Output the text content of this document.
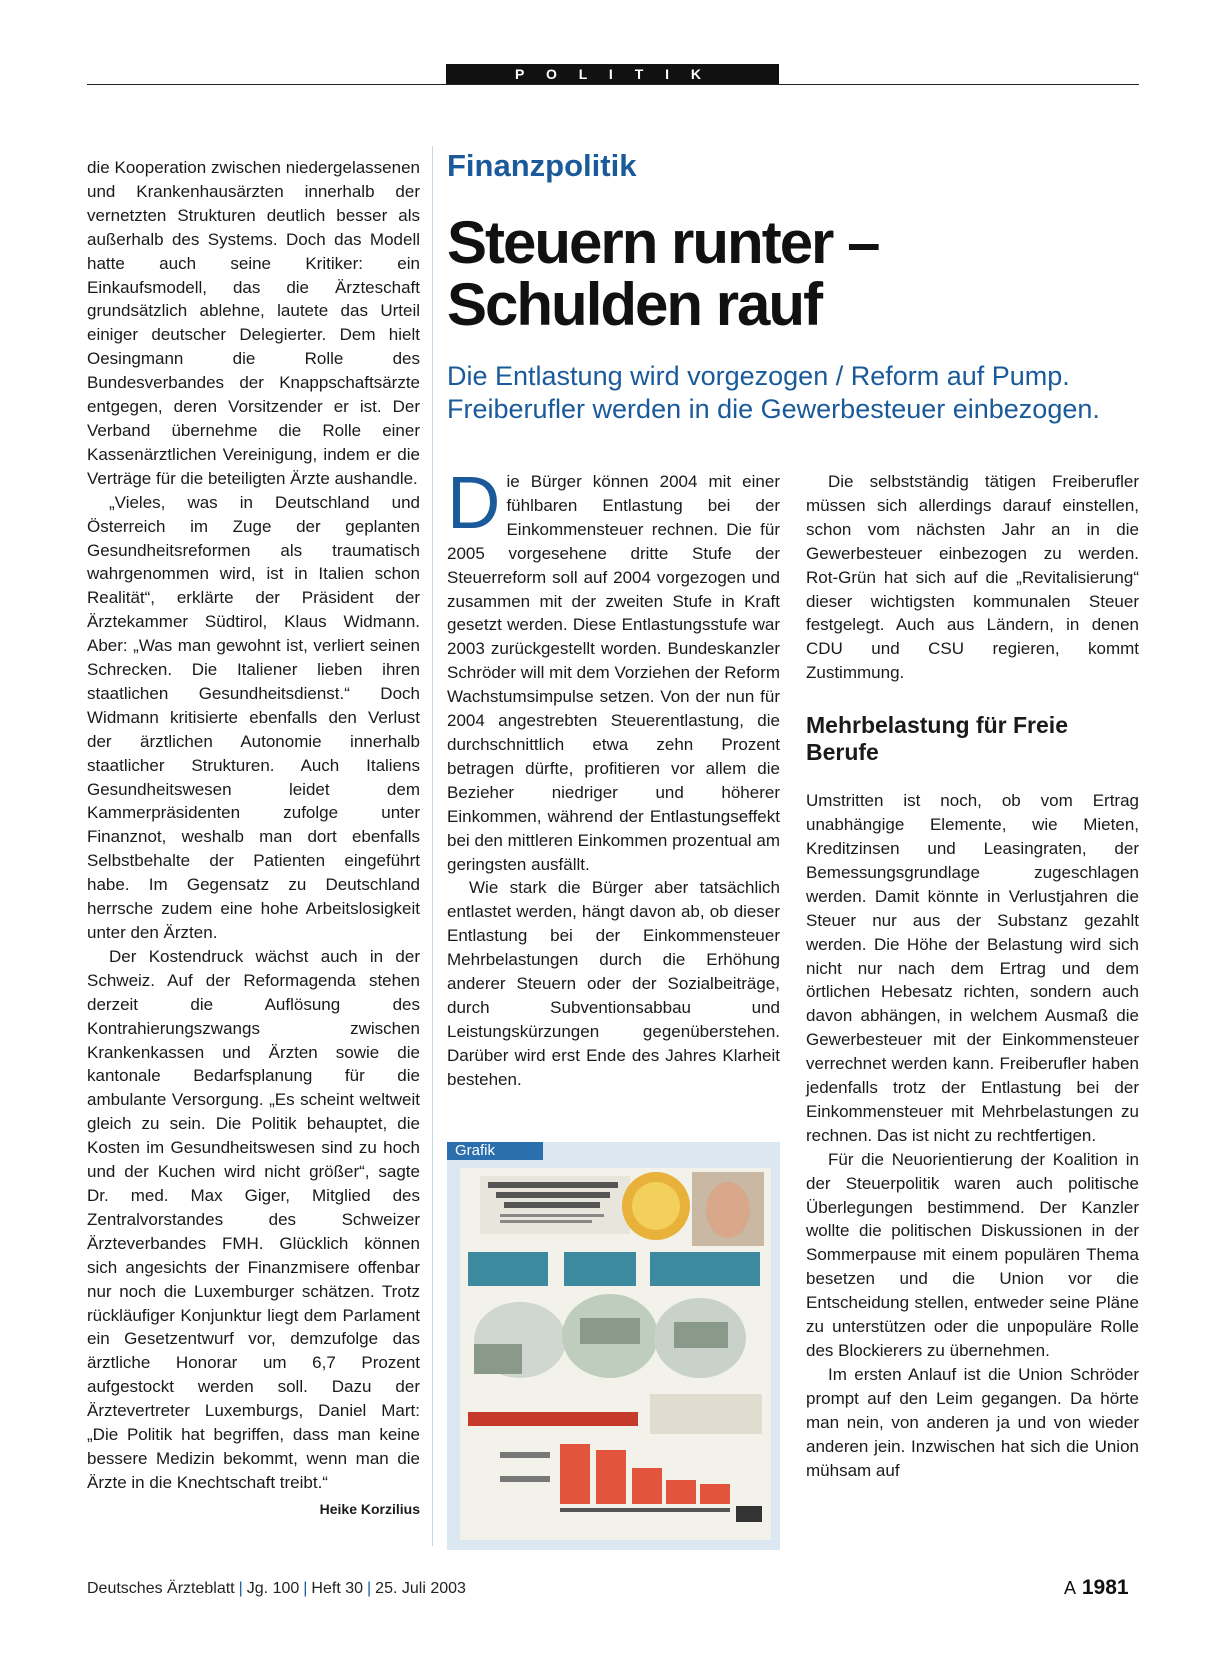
P O L I T I K

die Kooperation zwischen niedergelassenen und Krankenhausärzten innerhalb der vernetzten Strukturen deutlich besser als außerhalb des Systems. Doch das Modell hatte auch seine Kritiker: ein Einkaufsmodell, das die Ärzteschaft grundsätzlich ablehne, lautete das Urteil einiger deutscher Delegierter. Dem hielt Oesingmann die Rolle des Bundesverbandes der Knappschaftsärzte entgegen, deren Vorsitzender er ist. Der Verband übernehme die Rolle einer Kassenärztlichen Vereinigung, indem er die Verträge für die beteiligten Ärzte aushandle.

„Vieles, was in Deutschland und Österreich im Zuge der geplanten Gesundheitsreformen als traumatisch wahrgenommen wird, ist in Italien schon Realität“, erklärte der Präsident der Ärztekammer Südtirol, Klaus Widmann. Aber: „Was man gewohnt ist, verliert seinen Schrecken. Die Italiener lieben ihren staatlichen Gesundheitsdienst.“ Doch Widmann kritisierte ebenfalls den Verlust der ärztlichen Autonomie innerhalb staatlicher Strukturen. Auch Italiens Gesundheitswesen leidet dem Kammerpräsidenten zufolge unter Finanznot, weshalb man dort ebenfalls Selbstbehalte der Patienten eingeführt habe. Im Gegensatz zu Deutschland herrsche zudem eine hohe Arbeitslosigkeit unter den Ärzten.

Der Kostendruck wächst auch in der Schweiz. Auf der Reformagenda stehen derzeit die Auflösung des Kontrahierungszwangs zwischen Krankenkassen und Ärzten sowie die kantonale Bedarfsplanung für die ambulante Versorgung. „Es scheint weltweit gleich zu sein. Die Politik behauptet, die Kosten im Gesundheitswesen sind zu hoch und der Kuchen wird nicht größer“, sagte Dr. med. Max Giger, Mitglied des Zentralvorstandes des Schweizer Ärzteverbandes FMH. Glücklich können sich angesichts der Finanzmisere offenbar nur noch die Luxemburger schätzen. Trotz rückläufiger Konjunktur liegt dem Parlament ein Gesetzentwurf vor, demzufolge das ärztliche Honorar um 6,7 Prozent aufgestockt werden soll. Dazu der Ärztevertreter Luxemburgs, Daniel Mart: „Die Politik hat begriffen, dass man keine bessere Medizin bekommt, wenn man die Ärzte in die Knechtschaft treibt.“
Heike Korzilius

Finanzpolitik
Steuern runter –
Schulden rauf
Die Entlastung wird vorgezogen / Reform auf Pump.
Freiberufler werden in die Gewerbesteuer einbezogen.

Die Bürger können 2004 mit einer fühlbaren Entlastung bei der Einkommensteuer rechnen. Die für 2005 vorgesehene dritte Stufe der Steuerreform soll auf 2004 vorgezogen und zusammen mit der zweiten Stufe in Kraft gesetzt werden. Diese Entlastungsstufe war 2003 zurückgestellt worden. Bundeskanzler Schröder will mit dem Vorziehen der Reform Wachstumsimpulse setzen. Von der nun für 2004 angestrebten Steuerentlastung, die durchschnittlich etwa zehn Prozent betragen dürfte, profitieren vor allem die Bezieher niedriger und höherer Einkommen, während der Entlastungseffekt bei den mittleren Einkommen prozentual am geringsten ausfällt.

Wie stark die Bürger aber tatsächlich entlastet werden, hängt davon ab, ob dieser Entlastung bei der Einkommensteuer Mehrbelastungen durch die Erhöhung anderer Steuern oder der Sozialbeiträge, durch Subventionsabbau und Leistungskürzungen gegenüberstehen. Darüber wird erst Ende des Jahres Klarheit bestehen.

Grafik

Die selbstständig tätigen Freiberufler müssen sich allerdings darauf einstellen, schon vom nächsten Jahr an in die Gewerbesteuer einbezogen zu werden. Rot-Grün hat sich auf die „Revitalisierung“ dieser wichtigsten kommunalen Steuer festgelegt. Auch aus Ländern, in denen CDU und CSU regieren, kommt Zustimmung.

Mehrbelastung für Freie Berufe

Umstritten ist noch, ob vom Ertrag unabhängige Elemente, wie Mieten, Kreditzinsen und Leasingraten, der Bemessungsgrundlage zugeschlagen werden. Damit könnte in Verlustjahren die Steuer nur aus der Substanz gezahlt werden. Die Höhe der Belastung wird sich nicht nur nach dem Ertrag und dem örtlichen Hebesatz richten, sondern auch davon abhängen, in welchem Ausmaß die Gewerbesteuer mit der Einkommensteuer verrechnet werden kann. Freiberufler haben jedenfalls trotz der Entlastung bei der Einkommensteuer mit Mehrbelastungen zu rechnen. Das ist nicht zu rechtfertigen.

Für die Neuorientierung der Koalition in der Steuerpolitik waren auch politische Überlegungen bestimmend. Der Kanzler wollte die politischen Diskussionen in der Sommerpause mit einem populären Thema besetzen und die Union vor die Entscheidung stellen, entweder seine Pläne zu unterstützen oder die unpopuläre Rolle des Blockierers zu übernehmen.

Im ersten Anlauf ist die Union Schröder prompt auf den Leim gegangen. Da hörte man nein, von anderen ja und von wieder anderen jein. Inzwischen hat sich die Union mühsam auf

Deutsches Ärzteblatt | Jg. 100 | Heft 30 | 25. Juli 2003	A 1981
